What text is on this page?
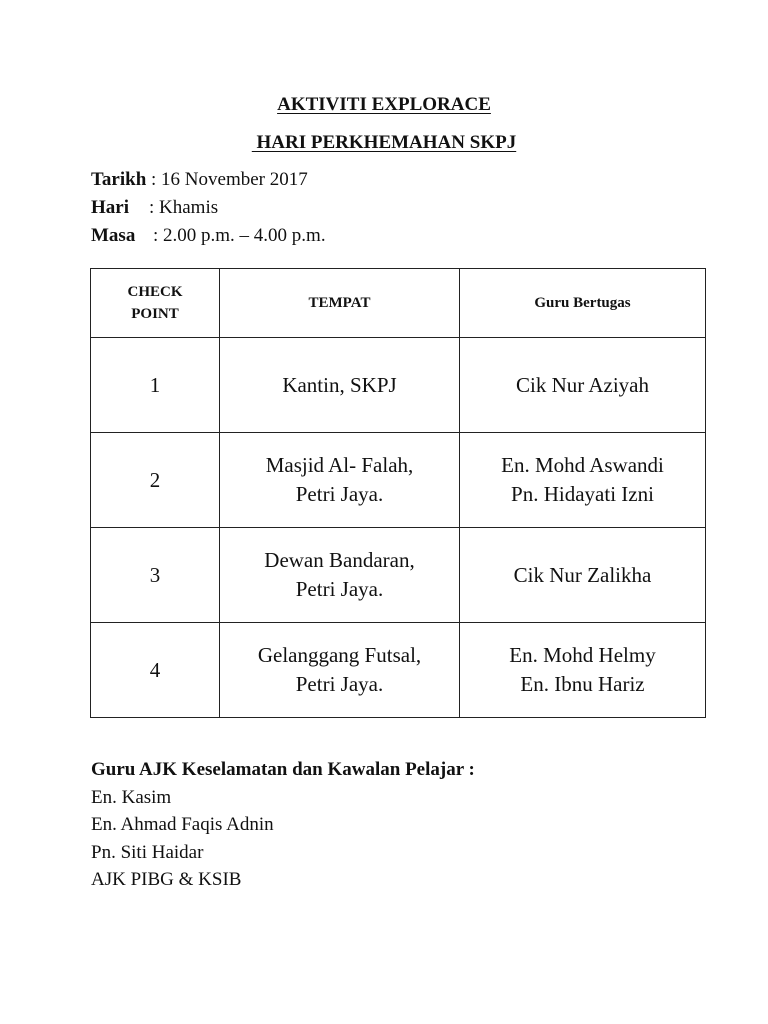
AKTIVITI EXPLORACE
HARI PERKHEMAHAN SKPJ
Tarikh : 16 November 2017
Hari : Khamis
Masa : 2.00 p.m. – 4.00 p.m.
CHECK
POINT	TEMPAT	Guru Bertugas
1	Kantin, SKPJ	Cik Nur Aziyah

2	Masjid Al- Falah,
Petri Jaya.	En. Mohd Aswandi
Pn. Hidayati Izni

3	Dewan Bandaran,
Petri Jaya.	Cik Nur Zalikha

4	Gelanggang Futsal,
Petri Jaya.	En. Mohd Helmy
En. Ibnu Hariz
Guru AJK Keselamatan dan Kawalan Pelajar :
En. Kasim
En. Ahmad Faqis Adnin
Pn. Siti Haidar
AJK PIBG & KSIB
